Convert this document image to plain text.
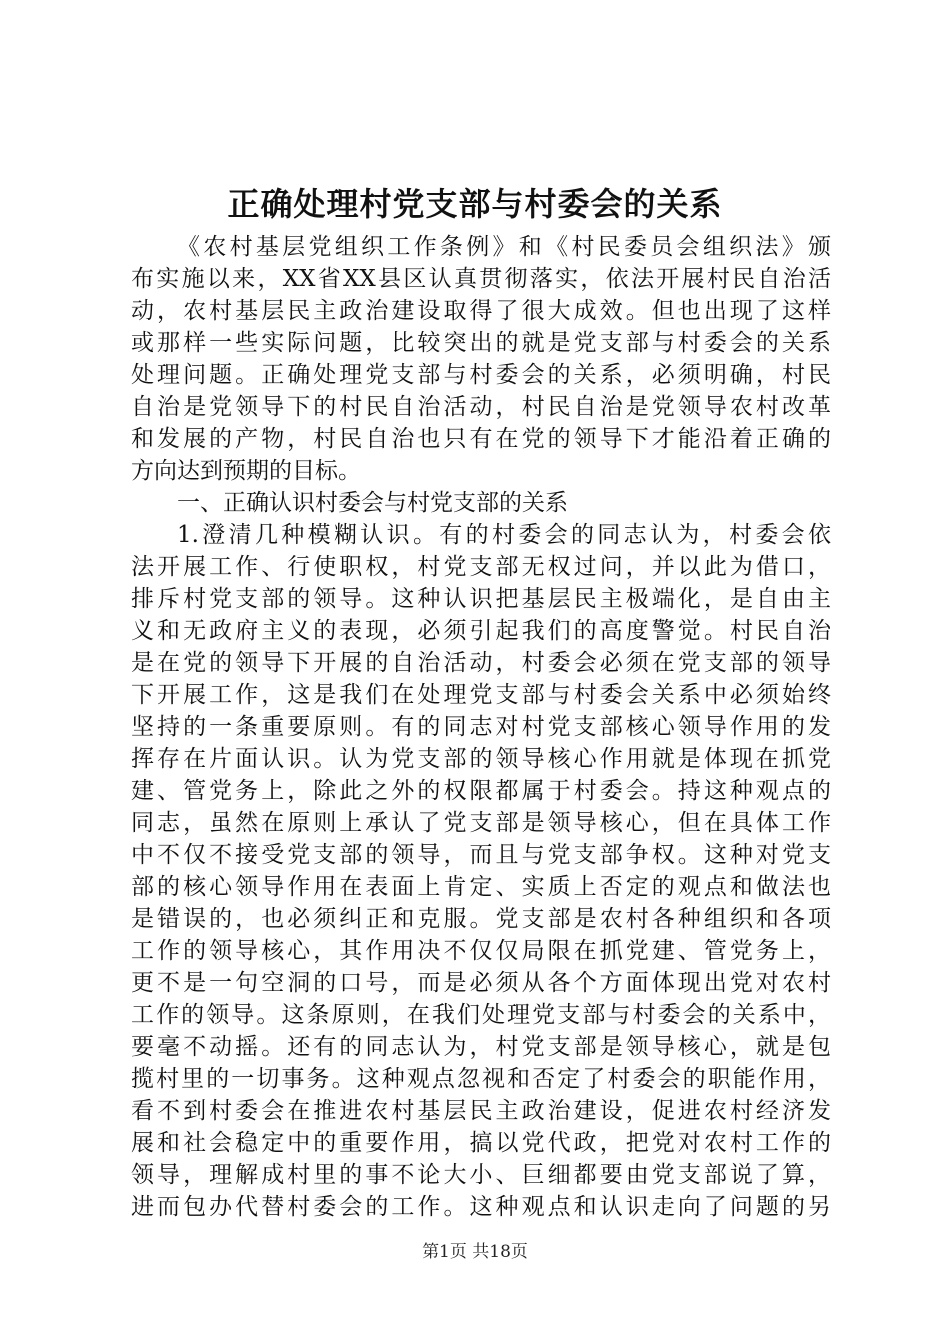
正确处理村党支部与村委会的关系
《农村基层党组织工作条例》和《村民委员会组织法》颁
布实施以来，XX省XX县区认真贯彻落实，依法开展村民自治活
动，农村基层民主政治建设取得了很大成效。但也出现了这样
或那样一些实际问题，比较突出的就是党支部与村委会的关系
处理问题。正确处理党支部与村委会的关系，必须明确，村民
自治是党领导下的村民自治活动，村民自治是党领导农村改革
和发展的产物，村民自治也只有在党的领导下才能沿着正确的
方向达到预期的目标。
一、正确认识村委会与村党支部的关系
1.澄清几种模糊认识。有的村委会的同志认为，村委会依
法开展工作、行使职权，村党支部无权过问，并以此为借口，
排斥村党支部的领导。这种认识把基层民主极端化，是自由主
义和无政府主义的表现，必须引起我们的高度警觉。村民自治
是在党的领导下开展的自治活动，村委会必须在党支部的领导
下开展工作，这是我们在处理党支部与村委会关系中必须始终
坚持的一条重要原则。有的同志对村党支部核心领导作用的发
挥存在片面认识。认为党支部的领导核心作用就是体现在抓党
建、管党务上，除此之外的权限都属于村委会。持这种观点的
同志，虽然在原则上承认了党支部是领导核心，但在具体工作
中不仅不接受党支部的领导，而且与党支部争权。这种对党支
部的核心领导作用在表面上肯定、实质上否定的观点和做法也
是错误的，也必须纠正和克服。党支部是农村各种组织和各项
工作的领导核心，其作用决不仅仅局限在抓党建、管党务上，
更不是一句空洞的口号，而是必须从各个方面体现出党对农村
工作的领导。这条原则，在我们处理党支部与村委会的关系中，
要毫不动摇。还有的同志认为，村党支部是领导核心，就是包
揽村里的一切事务。这种观点忽视和否定了村委会的职能作用，
看不到村委会在推进农村基层民主政治建设，促进农村经济发
展和社会稳定中的重要作用，搞以党代政，把党对农村工作的
领导，理解成村里的事不论大小、巨细都要由党支部说了算，
进而包办代替村委会的工作。这种观点和认识走向了问题的另
第1页 共18页
